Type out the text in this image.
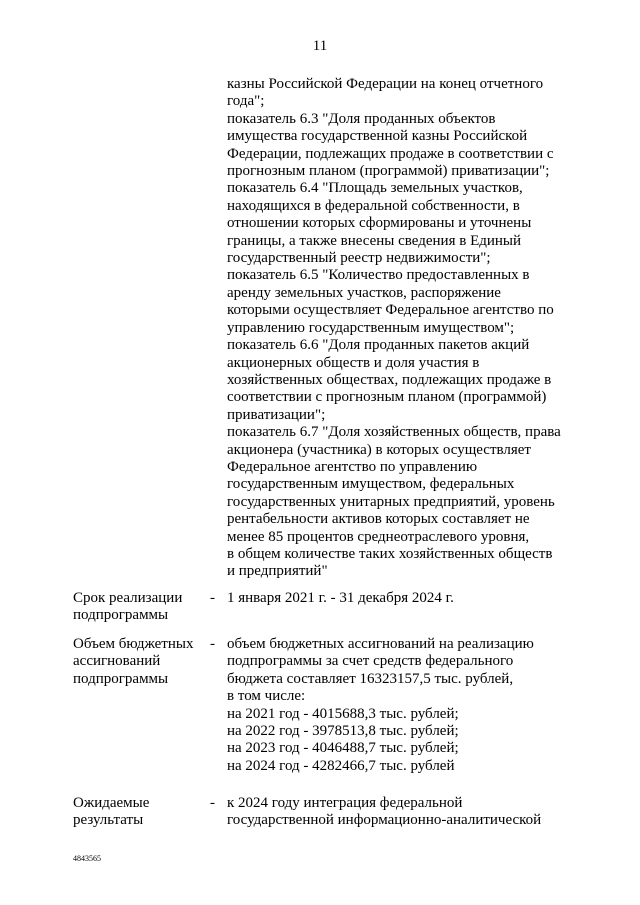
11
казны Российской Федерации на конец отчетного
года";
показатель 6.3 "Доля проданных объектов
имущества государственной казны Российской
Федерации, подлежащих продаже в соответствии с
прогнозным планом (программой) приватизации";
показатель 6.4 "Площадь земельных участков,
находящихся в федеральной собственности, в
отношении которых сформированы и уточнены
границы, а также внесены сведения в Единый
государственный реестр недвижимости";
показатель 6.5 "Количество предоставленных в
аренду земельных участков, распоряжение
которыми осуществляет Федеральное агентство по
управлению государственным имуществом";
показатель 6.6 "Доля проданных пакетов акций
акционерных обществ и доля участия в
хозяйственных обществах, подлежащих продаже в
соответствии с прогнозным планом (программой)
приватизации";
показатель 6.7 "Доля хозяйственных обществ, права
акционера (участника) в которых осуществляет
Федеральное агентство по управлению
государственным имуществом, федеральных
государственных унитарных предприятий, уровень
рентабельности активов которых составляет не
менее 85 процентов среднеотраслевого уровня,
в общем количестве таких хозяйственных обществ
и предприятий"
Срок реализации
подпрограммы
- 1 января 2021 г. - 31 декабря 2024 г.
Объем бюджетных
ассигнований
подпрограммы
- объем бюджетных ассигнований на реализацию
подпрограммы за счет средств федерального
бюджета составляет 16323157,5 тыс. рублей,
в том числе:
на 2021 год - 4015688,3 тыс. рублей;
на 2022 год - 3978513,8 тыс. рублей;
на 2023 год - 4046488,7 тыс. рублей;
на 2024 год - 4282466,7 тыс. рублей
Ожидаемые
результаты
- к 2024 году интеграция федеральной
государственной информационно-аналитической
4843565
